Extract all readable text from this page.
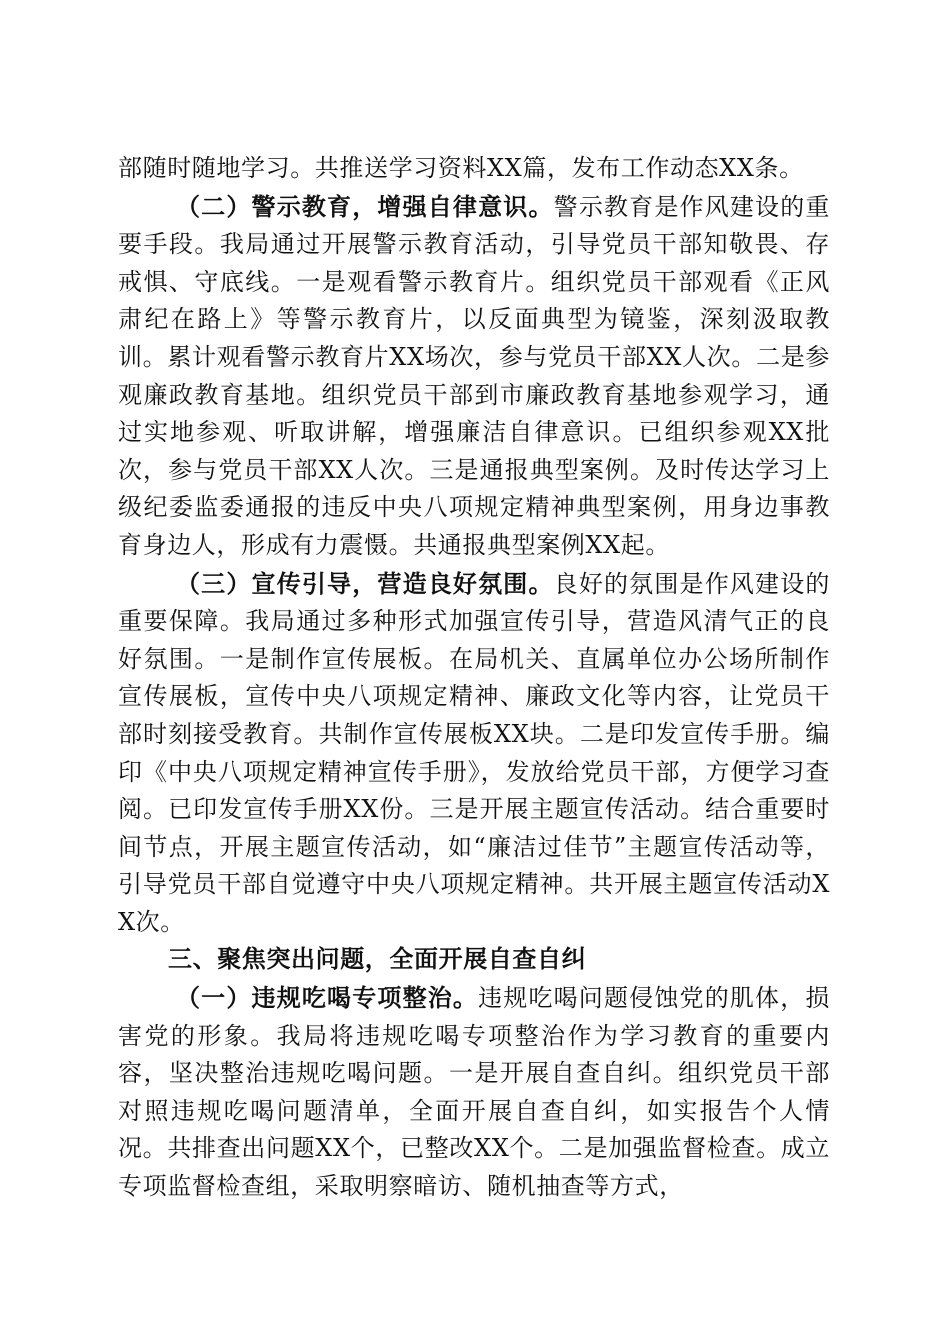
部随时随地学习。共推送学习资料XX篇，发布工作动态XX条。

（二）警示教育，增强自律意识。警示教育是作风建设的重要手段。我局通过开展警示教育活动，引导党员干部知敬畏、存戒惧、守底线。一是观看警示教育片。组织党员干部观看《正风肃纪在路上》等警示教育片，以反面典型为镜鉴，深刻汲取教训。累计观看警示教育片XX场次，参与党员干部XX人次。二是参观廉政教育基地。组织党员干部到市廉政教育基地参观学习，通过实地参观、听取讲解，增强廉洁自律意识。已组织参观XX批次，参与党员干部XX人次。三是通报典型案例。及时传达学习上级纪委监委通报的违反中央八项规定精神典型案例，用身边事教育身边人，形成有力震慑。共通报典型案例XX起。

（三）宣传引导，营造良好氛围。良好的氛围是作风建设的重要保障。我局通过多种形式加强宣传引导，营造风清气正的良好氛围。一是制作宣传展板。在局机关、直属单位办公场所制作宣传展板，宣传中央八项规定精神、廉政文化等内容，让党员干部时刻接受教育。共制作宣传展板XX块。二是印发宣传手册。编印《中央八项规定精神宣传手册》，发放给党员干部，方便学习查阅。已印发宣传手册XX份。三是开展主题宣传活动。结合重要时间节点，开展主题宣传活动，如“廉洁过佳节”主题宣传活动等，引导党员干部自觉遵守中央八项规定精神。共开展主题宣传活动XX次。

三、聚焦突出问题，全面开展自查自纠

（一）违规吃喝专项整治。违规吃喝问题侵蚀党的肌体，损害党的形象。我局将违规吃喝专项整治作为学习教育的重要内容，坚决整治违规吃喝问题。一是开展自查自纠。组织党员干部对照违规吃喝问题清单，全面开展自查自纠，如实报告个人情况。共排查出问题XX个，已整改XX个。二是加强监督检查。成立专项监督检查组，采取明察暗访、随机抽查等方式，
